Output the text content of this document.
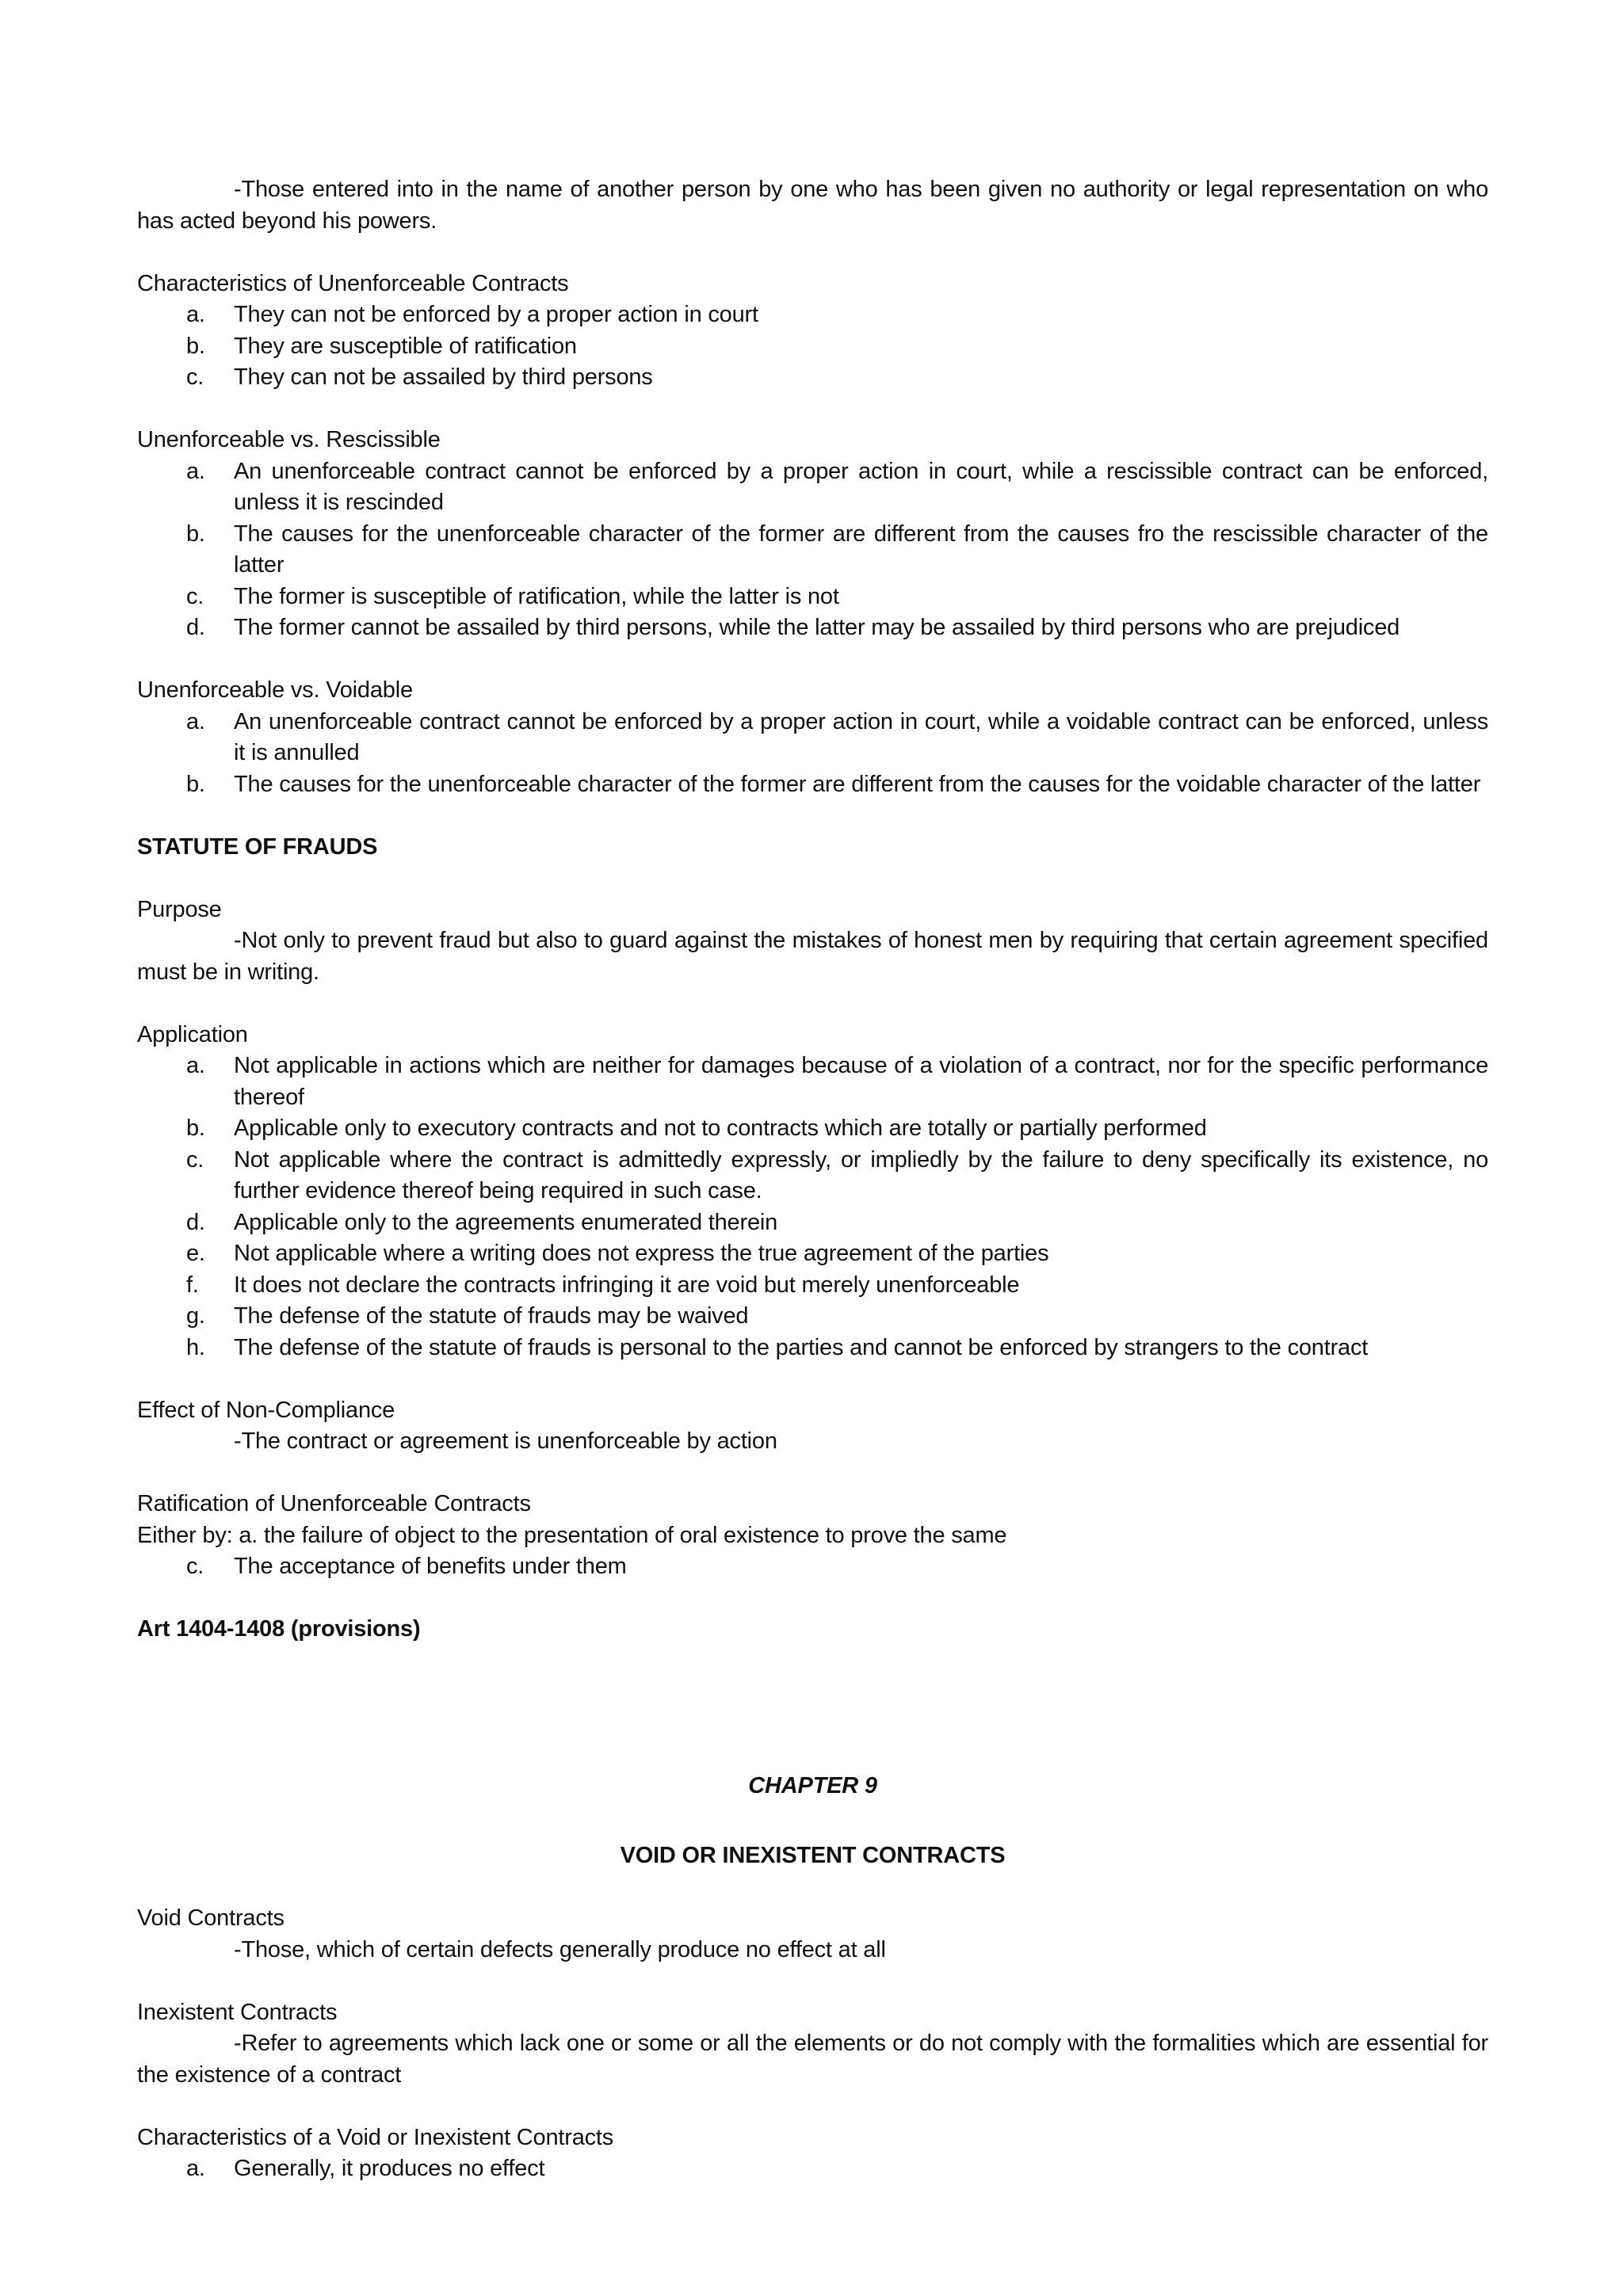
-Those entered into in the name of another person by one who has been given no authority or legal representation on who has acted beyond his powers.

Characteristics of Unenforceable Contracts

a. They can not be enforced by a proper action in court
b. They are susceptible of ratification
c. They can not be assailed by third persons

Unenforceable vs. Rescissible

a. An unenforceable contract cannot be enforced by a proper action in court, while a rescissible contract can be enforced, unless it is rescinded
b. The causes for the unenforceable character of the former are different from the causes fro the rescissible character of the latter
c. The former is susceptible of ratification, while the latter is not
d. The former cannot be assailed by third persons, while the latter may be assailed by third persons who are prejudiced

Unenforceable vs. Voidable

a. An unenforceable contract cannot be enforced by a proper action in court, while a voidable contract can be enforced, unless it is annulled
b. The causes for the unenforceable character of the former are different from the causes for the voidable character of the latter

STATUTE OF FRAUDS

Purpose

-Not only to prevent fraud but also to guard against the mistakes of honest men by requiring that certain agreement specified must be in writing.

Application

a. Not applicable in actions which are neither for damages because of a violation of a contract, nor for the specific performance thereof
b. Applicable only to executory contracts and not to contracts which are totally or partially performed
c. Not applicable where the contract is admittedly expressly, or impliedly by the failure to deny specifically its existence, no further evidence thereof being required in such case.
d. Applicable only to the agreements enumerated therein
e. Not applicable where a writing does not express the true agreement of the parties
f. It does not declare the contracts infringing it are void but merely unenforceable
g. The defense of the statute of frauds may be waived
h. The defense of the statute of frauds is personal to the parties and cannot be enforced by strangers to the contract

Effect of Non-Compliance

-The contract or agreement is unenforceable by action

Ratification of Unenforceable Contracts

Either by: a. the failure of object to the presentation of oral existence to prove the same

c. The acceptance of benefits under them

Art 1404-1408 (provisions)

CHAPTER 9

VOID OR INEXISTENT CONTRACTS

Void Contracts

-Those, which of certain defects generally produce no effect at all

Inexistent Contracts

-Refer to agreements which lack one or some or all the elements or do not comply with the formalities which are essential for the existence of a contract

Characteristics of a Void or Inexistent Contracts

a. Generally, it produces no effect
